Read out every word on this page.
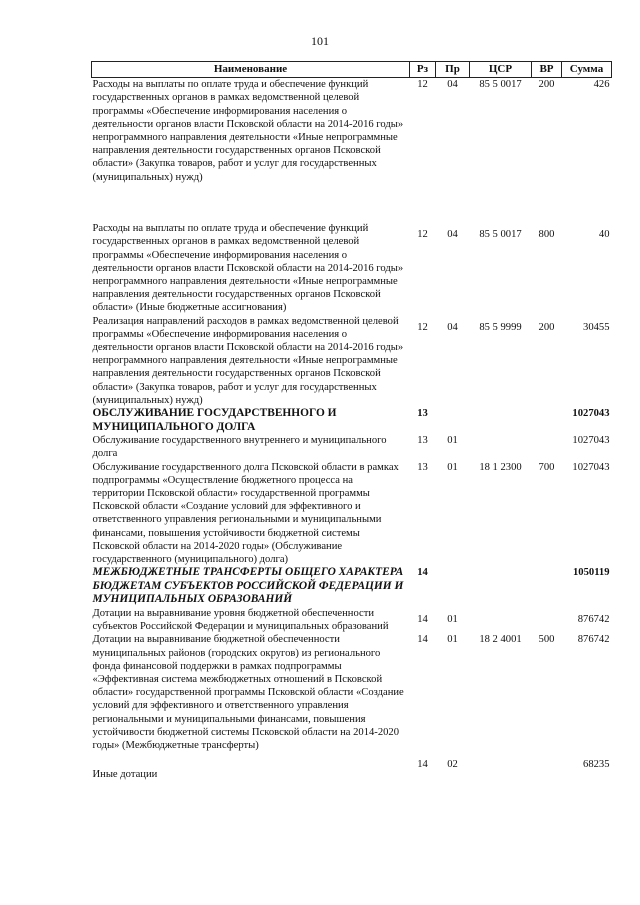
101
Наименование	Рз	Пр	ЦСР	ВР	Сумма
Расходы на выплаты по оплате труда и обеспечение функций государственных органов в рамках ведомственной целевой программы «Обеспечение информирования населения о деятельности органов власти Псковской области на 2014-2016 годы» непрограммного направления деятельности «Иные непрограммные направления деятельности государственных органов Псковской области» (Закупка товаров, работ и услуг для государственных (муниципальных) нужд)	12	04	85 5 0017	200	426
Расходы на выплаты по оплате труда и обеспечение функций государственных органов в рамках ведомственной целевой программы «Обеспечение информирования населения о деятельности органов власти Псковской области на 2014-2016 годы» непрограммного направления деятельности «Иные непрограммные направления деятельности государственных органов Псковской области» (Иные бюджетные ассигнования)	12	04	85 5 0017	800	40
Реализация направлений расходов в рамках ведомственной целевой программы «Обеспечение информирования населения о деятельности органов власти Псковской области на 2014-2016 годы» непрограммного направления деятельности «Иные непрограммные направления деятельности государственных органов Псковской области» (Закупка товаров, работ и услуг для государственных (муниципальных) нужд)	12	04	85 5 9999	200	30455
ОБСЛУЖИВАНИЕ ГОСУДАРСТВЕННОГО И МУНИЦИПАЛЬНОГО ДОЛГА	13				1027043
Обслуживание государственного внутреннего и муниципального долга	13	01			1027043
Обслуживание государственного долга Псковской области в рамках подпрограммы «Осуществление бюджетного процесса на территории Псковской области» государственной программы Псковской области «Создание условий для эффективного и ответственного управления региональными и муниципальными финансами, повышения устойчивости бюджетной системы Псковской области на 2014-2020 годы» (Обслуживание государственного (муниципального) долга)	13	01	18 1 2300	700	1027043
МЕЖБЮДЖЕТНЫЕ ТРАНСФЕРТЫ ОБЩЕГО ХАРАКТЕРА БЮДЖЕТАМ СУБЪЕКТОВ РОССИЙСКОЙ ФЕДЕРАЦИИ И МУНИЦИПАЛЬНЫХ ОБРАЗОВАНИЙ	14				1050119
Дотации на выравнивание уровня бюджетной обеспеченности субъектов Российской Федерации и муниципальных образований	14	01			876742
Дотации на выравнивание бюджетной обеспеченности муниципальных районов (городских округов) из регионального фонда финансовой поддержки в рамках подпрограммы «Эффективная система межбюджетных отношений в Псковской области» государственной программы Псковской области «Создание условий для эффективного и ответственного управления региональными и муниципальными финансами, повышения устойчивости бюджетной системы Псковской области на 2014-2020 годы» (Межбюджетные трансферты)	14	01	18 2 4001	500	876742
Иные дотации	14	02			68235
